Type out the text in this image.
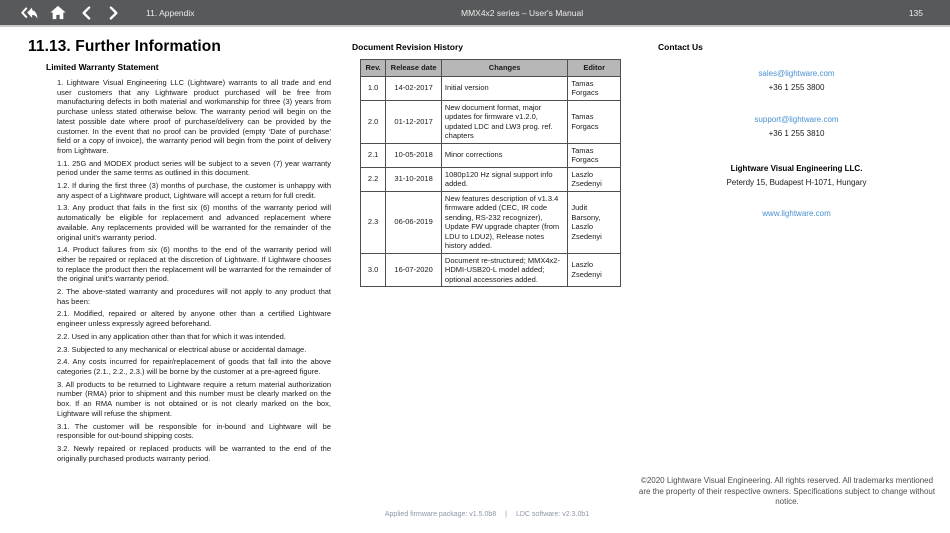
11. Appendix	MMX4x2 series – User's Manual	135
11.13. Further Information
Limited Warranty Statement

1. Lightware Visual Engineering LLC (Lightware) warrants to all trade and end user customers that any Lightware product purchased will be free from manufacturing defects in both material and workmanship for three (3) years from purchase unless stated otherwise below. The warranty period will begin on the latest possible date where proof of purchase/delivery can be provided by the customer. In the event that no proof can be provided (empty ‘Date of purchase’ field or a copy of invoice), the warranty period will begin from the point of delivery from Lightware.

1.1. 25G and MODEX product series will be subject to a seven (7) year warranty period under the same terms as outlined in this document.

1.2. If during the first three (3) months of purchase, the customer is unhappy with any aspect of a Lightware product, Lightware will accept a return for full credit.

1.3. Any product that fails in the first six (6) months of the warranty period will automatically be eligible for replacement and advanced replacement where available. Any replacements provided will be warranted for the remainder of the original unit's warranty period.

1.4. Product failures from six (6) months to the end of the warranty period will either be repaired or replaced at the discretion of Lightware. If Lightware chooses to replace the product then the replacement will be warranted for the remainder of the original unit's warranty period.

2. The above-stated warranty and procedures will not apply to any product that has been:

2.1. Modified, repaired or altered by anyone other than a certified Lightware engineer unless expressly agreed beforehand.

2.2. Used in any application other than that for which it was intended.

2.3. Subjected to any mechanical or electrical abuse or accidental damage.

2.4. Any costs incurred for repair/replacement of goods that fall into the above categories (2.1., 2.2., 2.3.) will be borne by the customer at a pre-agreed figure.

3. All products to be returned to Lightware require a return material authorization number (RMA) prior to shipment and this number must be clearly marked on the box. If an RMA number is not obtained or is not clearly marked on the box, Lightware will refuse the shipment.

3.1. The customer will be responsible for in-bound and Lightware will be responsible for out-bound shipping costs.

3.2. Newly repaired or replaced products will be warranted to the end of the originally purchased products warranty period.

Document Revision History
Rev.	Release date	Changes	Editor
1.0	14-02-2017	Initial version	Tamas Forgacs
2.0	01-12-2017	New document format, major updates for firmware v1.2.0, updated LDC and LW3 prog. ref. chapters	Tamas Forgacs
2.1	10-05-2018	Minor corrections	Tamas Forgacs
2.2	31-10-2018	1080p120 Hz signal support info added.	Laszlo Zsedenyi
2.3	06-06-2019	New features description of v1.3.4 firmware added (CEC, IR code sending, RS-232 recognizer), Update FW upgrade chapter (from LDU to LDU2), Release notes history added.	Judit Barsony, Laszlo Zsedenyi
3.0	16-07-2020	Document re-structured; MMX4x2-HDMI-USB20-L model added; optional accessories added.	Laszlo Zsedenyi
Applied firmware package: v1.5.0b8 | LDC software: v2.3.0b1
Contact Us
sales@lightware.com
+36 1 255 3800
support@lightware.com
+36 1 255 3810
Lightware Visual Engineering LLC.
Peterdy 15, Budapest H-1071, Hungary
www.lightware.com
©2020 Lightware Visual Engineering. All rights reserved. All trademarks mentioned are the property of their respective owners. Specifications subject to change without notice.
